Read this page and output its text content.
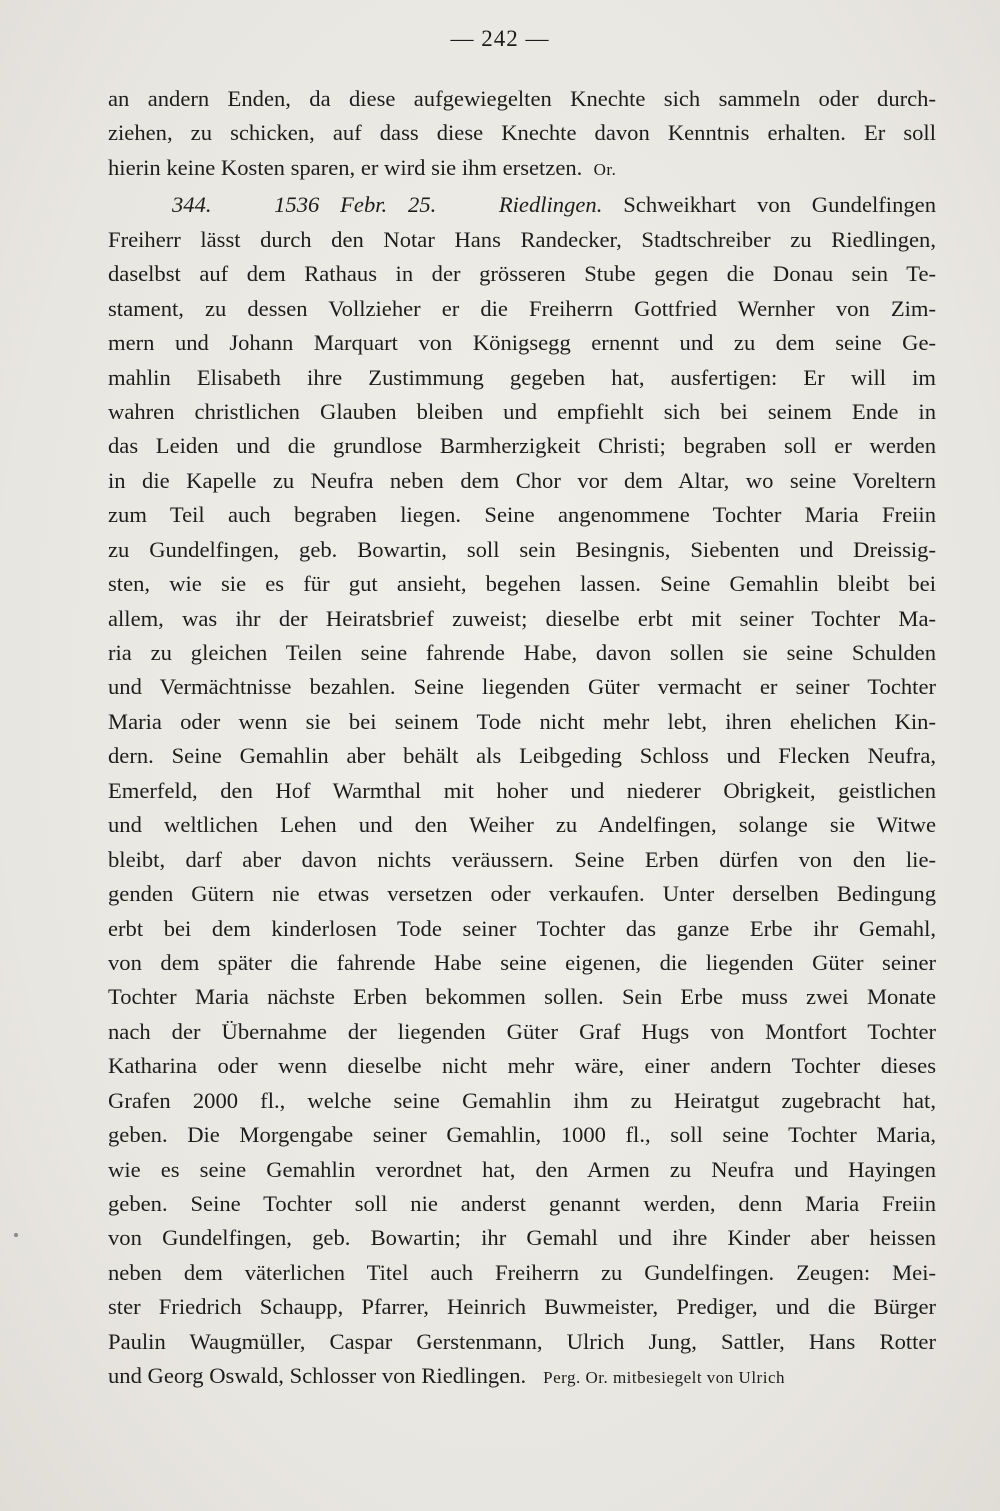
— 242 —
an andern Enden, da diese aufgewiegelten Knechte sich sammeln oder durch-
ziehen, zu schicken, auf dass diese Knechte davon Kenntnis erhalten. Er soll
hierin keine Kosten sparen, er wird sie ihm ersetzen. Or.
344.	1536 Febr. 25.	Riedlingen. Schweikhart von Gundelfingen
Freiherr lässt durch den Notar Hans Randecker, Stadtschreiber zu Riedlingen,
daselbst auf dem Rathaus in der grösseren Stube gegen die Donau sein Te-
stament, zu dessen Vollzieher er die Freiherrn Gottfried Wernher von Zim-
mern und Johann Marquart von Königsegg ernennt und zu dem seine Ge-
mahlin Elisabeth ihre Zustimmung gegeben hat, ausfertigen: Er will im
wahren christlichen Glauben bleiben und empfiehlt sich bei seinem Ende in
das Leiden und die grundlose Barmherzigkeit Christi; begraben soll er werden
in die Kapelle zu Neufra neben dem Chor vor dem Altar, wo seine Voreltern
zum Teil auch begraben liegen. Seine angenommene Tochter Maria Freiin
zu Gundelfingen, geb. Bowartin, soll sein Besingnis, Siebenten und Dreissig-
sten, wie sie es für gut ansieht, begehen lassen. Seine Gemahlin bleibt bei
allem, was ihr der Heiratsbrief zuweist; dieselbe erbt mit seiner Tochter Ma-
ria zu gleichen Teilen seine fahrende Habe, davon sollen sie seine Schulden
und Vermächtnisse bezahlen. Seine liegenden Güter vermacht er seiner Tochter
Maria oder wenn sie bei seinem Tode nicht mehr lebt, ihren ehelichen Kin-
dern. Seine Gemahlin aber behält als Leibgeding Schloss und Flecken Neufra,
Emerfeld, den Hof Warmthal mit hoher und niederer Obrigkeit, geistlichen
und weltlichen Lehen und den Weiher zu Andelfingen, solange sie Witwe
bleibt, darf aber davon nichts veräussern. Seine Erben dürfen von den lie-
genden Gütern nie etwas versetzen oder verkaufen. Unter derselben Bedingung
erbt bei dem kinderlosen Tode seiner Tochter das ganze Erbe ihr Gemahl,
von dem später die fahrende Habe seine eigenen, die liegenden Güter seiner
Tochter Maria nächste Erben bekommen sollen. Sein Erbe muss zwei Monate
nach der Übernahme der liegenden Güter Graf Hugs von Montfort Tochter
Katharina oder wenn dieselbe nicht mehr wäre, einer andern Tochter dieses
Grafen 2000 fl., welche seine Gemahlin ihm zu Heiratgut zugebracht hat,
geben. Die Morgengabe seiner Gemahlin, 1000 fl., soll seine Tochter Maria,
wie es seine Gemahlin verordnet hat, den Armen zu Neufra und Hayingen
geben. Seine Tochter soll nie anderst genannt werden, denn Maria Freiin
von Gundelfingen, geb. Bowartin; ihr Gemahl und ihre Kinder aber heissen
neben dem väterlichen Titel auch Freiherrn zu Gundelfingen. Zeugen: Mei-
ster Friedrich Schaupp, Pfarrer, Heinrich Buwmeister, Prediger, und die Bürger
Paulin Waugmüller, Caspar Gerstenmann, Ulrich Jung, Sattler, Hans Rotter
und Georg Oswald, Schlosser von Riedlingen. Perg. Or. mitbesiegelt von Ulrich
